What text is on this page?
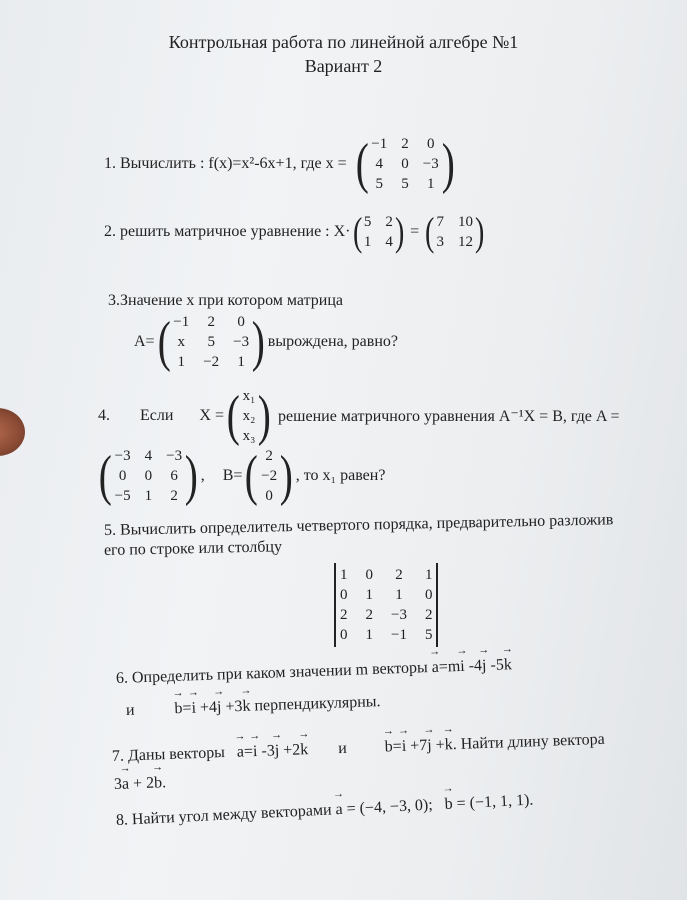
Контрольная работа по линейной алгебре №1
Вариант 2
1. Вычислить : f(x)=x²-6x+1, где x = ( −1 2 0
4 0 −3
5 5 1 )
2. решить матричное уравнение : X· ( 5 2
1 4 ) = ( 7 10
3 12 )
3.Значение x при котором матрица
A= ( −1 2 0
x 5 −3
1 −2 1 ) вырождена, равно?
4. Если X = ( x₁
x₂
x₃ ) решение матричного уравнения A⁻¹X = B, где A =
( −3 4 −3
0 0 6
−5 1 2 ) , B= ( 2
−2
0 ) , то x₁ равен?
5. Вычислить определитель четвертого порядка, предварительно разложив
его по строке или столбцу
1 0 2 1
0 1 1 0
2 2 −3 2
0 1 −1 5
6. Определить при каком значении m векторы → a=m→ i -4→ j -5→ k
и → b=→ i +4→ j +3→ k перпендикулярны.
7. Даны векторы → a=→ i -3→ j +2→ k и → b=→ i +7→ j +→ k. Найти длину вектора
3→ a + 2→ b.
8. Найти угол между векторами → a = (−4, −3, 0); → b = (−1, 1, 1).
